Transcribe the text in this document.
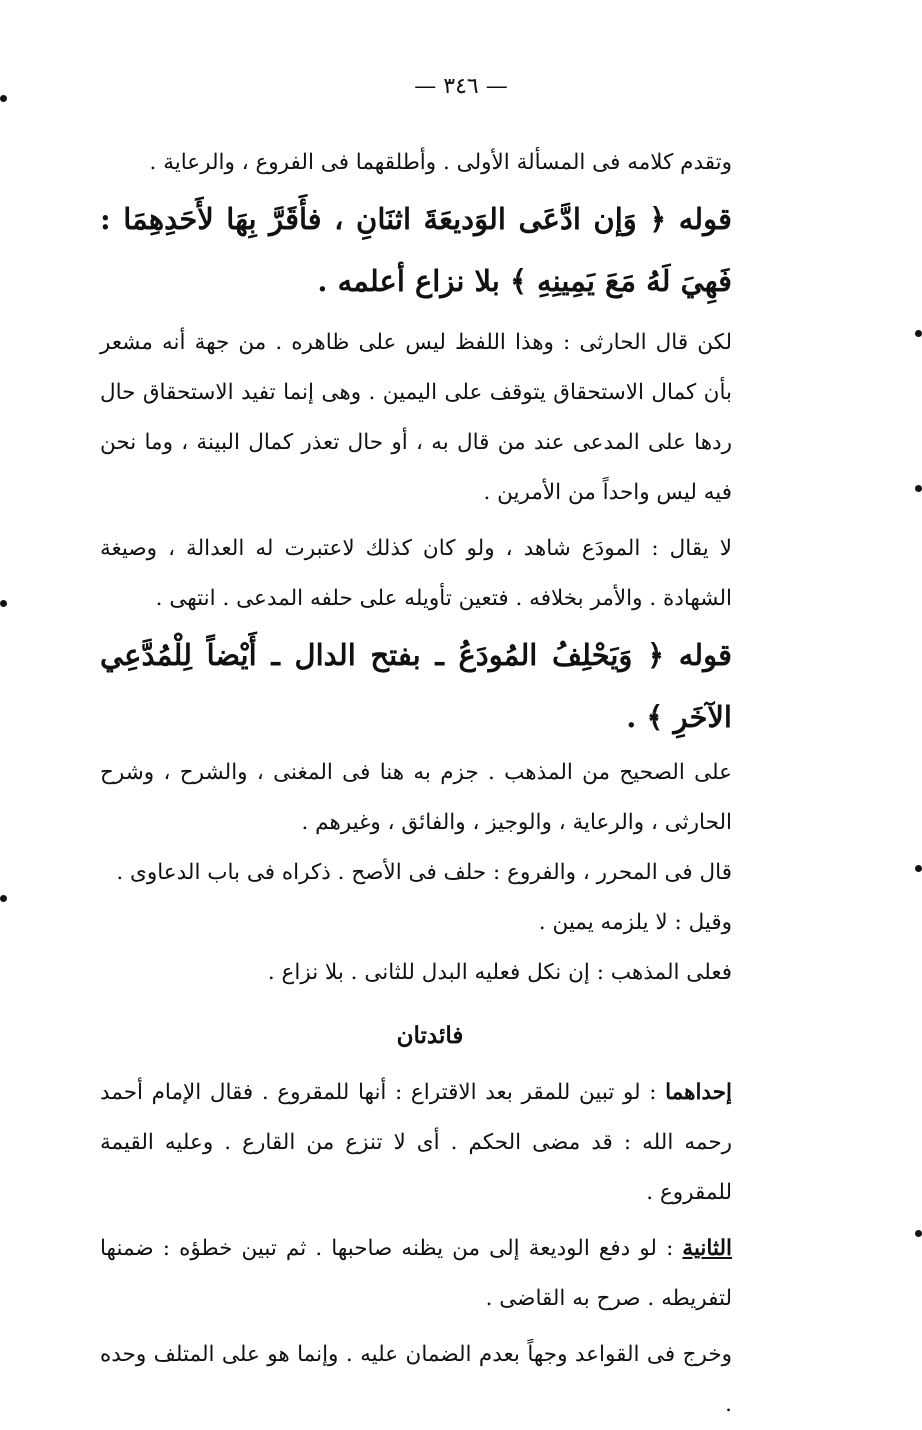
— ٣٤٦ —

وتقدم كلامه فى المسألة الأولى . وأطلقهما فى الفروع ، والرعاية .

قوله ﴿ وَإن ادَّعَى الوَديعَةَ اثنَانِ ، فأَقَرَّ بِهَا لأَحَدِهِمَا : فَهِيَ لَهُ مَعَ يَمِينِهِ ﴾ بلا نزاع أعلمه .

لكن قال الحارثى : وهذا اللفظ ليس على ظاهره . من جهة أنه مشعر بأن كمال الاستحقاق يتوقف على اليمين . وهى إنما تفيد الاستحقاق حال ردها على المدعى عند من قال به ، أو حال تعذر كمال البينة ، وما نحن فيه ليس واحداً من الأمرين .

لا يقال : المودَع شاهد ، ولو كان كذلك لاعتبرت له العدالة ، وصيغة الشهادة . والأمر بخلافه . فتعين تأويله على حلفه المدعى . انتهى .

قوله ﴿ وَيَحْلِفُ المُودَعُ ـ بفتح الدال ـ أَيْضاً لِلْمُدَّعِي الآخَرِ ﴾ .

على الصحيح من المذهب . جزم به هنا فى المغنى ، والشرح ، وشرح الحارثى ، والرعاية ، والوجيز ، والفائق ، وغيرهم .

قال فى المحرر ، والفروع : حلف فى الأصح . ذكراه فى باب الدعاوى .

وقيل : لا يلزمه يمين .

فعلى المذهب : إن نكل فعليه البدل للثانى . بلا نزاع .

فائدتان

إحداهما : لو تبين للمقر بعد الاقتراع : أنها للمقروع . فقال الإمام أحمد رحمه الله : قد مضى الحكم . أى لا تنزع من القارع . وعليه القيمة للمقروع .

الثانية : لو دفع الوديعة إلى من يظنه صاحبها . ثم تبين خطؤه : ضمنها لتفريطه . صرح به القاضى .

وخرج فى القواعد وجهاً بعدم الضمان عليه . وإنما هو على المتلف وحده .
